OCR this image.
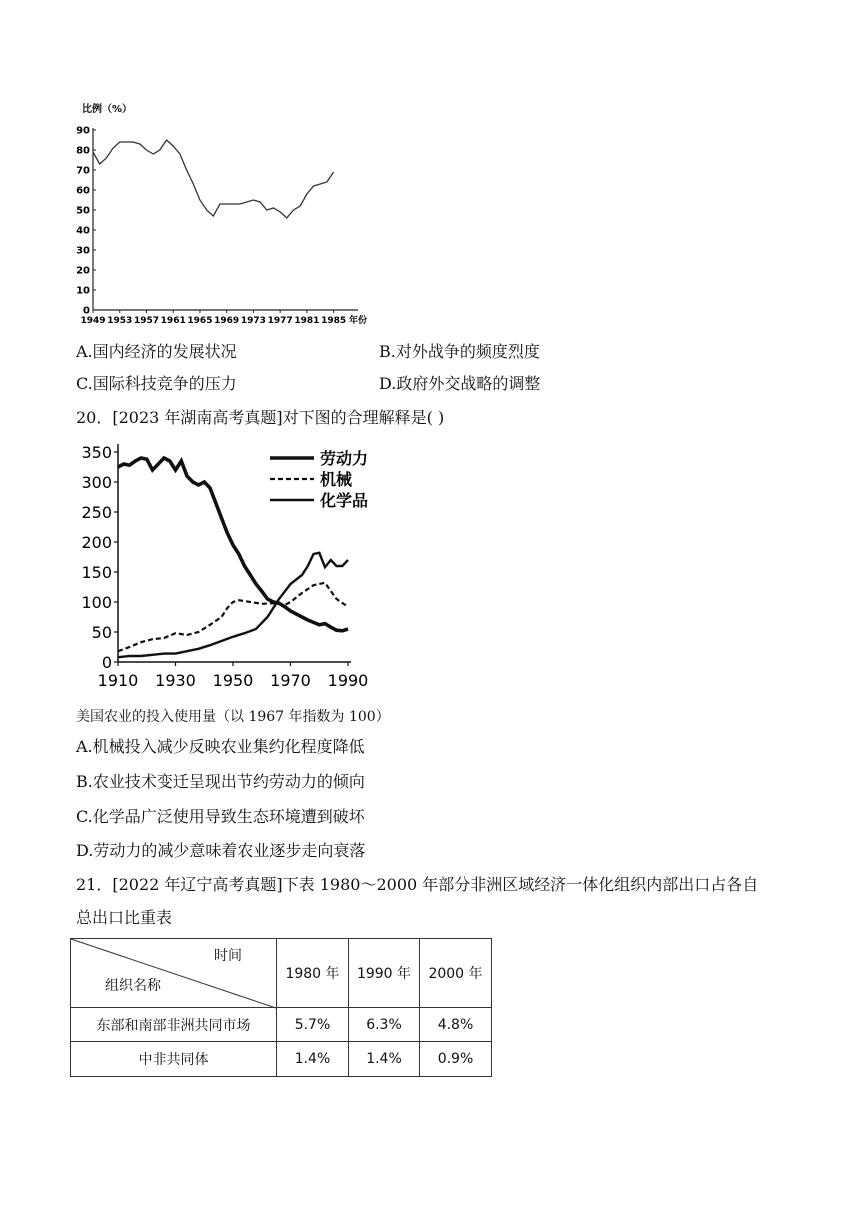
比例（%）
0
10
20
30
40
50
60
70
80
90
1949 1953 1957 1961 1965 1969 1973 1977 1981 1985 年份
A.国内经济的发展状况	B.对外战争的频度烈度
C.国际科技竞争的压力	D.政府外交战略的调整
20．[2023 年湖南高考真题]对下图的合理解释是( )
0
50
100
150
200
250
300
350
1910 1930 1950 1970 1990
劳动力
机械
化学品
美国农业的投入使用量（以 1967 年指数为 100）
A.机械投入减少反映农业集约化程度降低
B.农业技术变迁呈现出节约劳动力的倾向
C.化学品广泛使用导致生态环境遭到破坏
D.劳动力的减少意味着农业逐步走向衰落
21．[2022 年辽宁高考真题]下表 1980～2000 年部分非洲区域经济一体化组织内部出口占各自
总出口比重表
时间
组织名称	1980 年	1990 年	2000 年
东部和南部非洲共同市场	5.7%	6.3%	4.8%
中非共同体	1.4%	1.4%	0.9%
